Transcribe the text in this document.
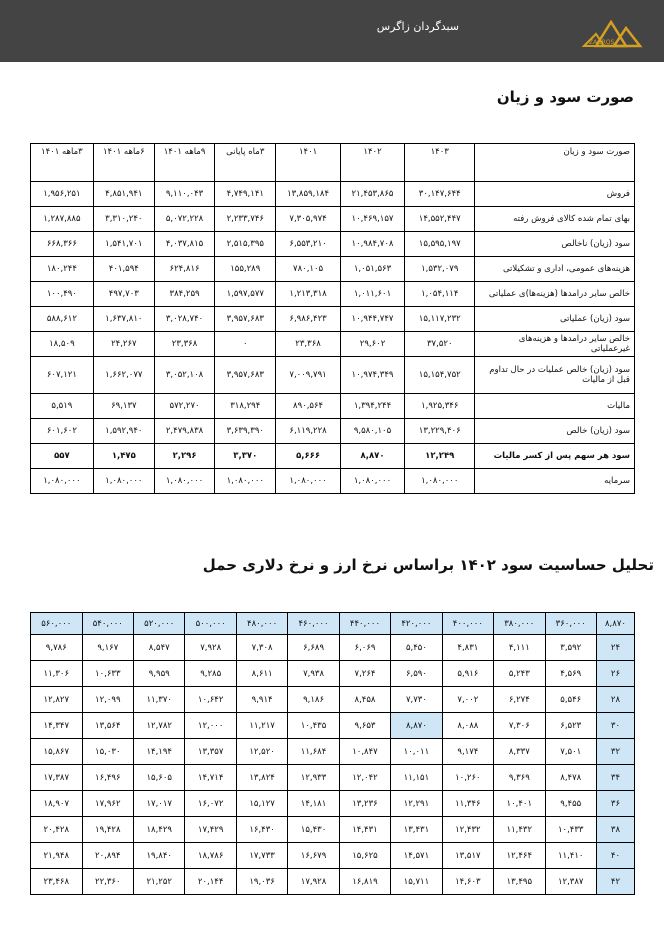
سبدگردان زاگرس
ZAGROS
صورت سود و زیان
صورت سود و زیان	۱۴۰۳	۱۴۰۲	۱۴۰۱	۳ماه پایانی	۹ماهه ۱۴۰۱	۶ماهه ۱۴۰۱	۳ماهه ۱۴۰۱
فروش	۳۰,۱۴۷,۶۴۴	۲۱,۴۵۳,۸۶۵	۱۳,۸۵۹,۱۸۴	۴,۷۴۹,۱۴۱	۹,۱۱۰,۰۴۳	۴,۸۵۱,۹۴۱	۱,۹۵۶,۲۵۱
بهای تمام شده کالای فروش رفته	۱۴,۵۵۲,۴۴۷	۱۰,۴۶۹,۱۵۷	۷,۳۰۵,۹۷۴	۲,۲۳۳,۷۴۶	۵,۰۷۲,۲۲۸	۳,۳۱۰,۲۴۰	۱,۲۸۷,۸۸۵
سود (زیان) ناخالص	۱۵,۵۹۵,۱۹۷	۱۰,۹۸۴,۷۰۸	۶,۵۵۳,۲۱۰	۲,۵۱۵,۳۹۵	۴,۰۳۷,۸۱۵	۱,۵۴۱,۷۰۱	۶۶۸,۳۶۶
هزینه‌های عمومی، اداری و تشکیلاتی	۱,۵۳۲,۰۷۹	۱,۰۵۱,۵۶۳	۷۸۰,۱۰۵	۱۵۵,۲۸۹	۶۲۴,۸۱۶	۴۰۱,۵۹۴	۱۸۰,۲۴۴
خالص سایر درامدها (هزینه‌ها)ی عملیاتی	۱,۰۵۴,۱۱۴	۱,۰۱۱,۶۰۱	۱,۲۱۳,۳۱۸	۱,۵۹۷,۵۷۷	۳۸۴,۲۵۹	۴۹۷,۷۰۳	۱۰۰,۴۹۰
سود (زیان) عملیاتی	۱۵,۱۱۷,۲۳۲	۱۰,۹۴۴,۷۴۷	۶,۹۸۶,۴۲۳	۳,۹۵۷,۶۸۳	۳,۰۲۸,۷۴۰	۱,۶۳۷,۸۱۰	۵۸۸,۶۱۲
خالص سایر درامدها و هزینه‌های غیرعملیاتی	۳۷,۵۲۰	۲۹,۶۰۲	۲۳,۳۶۸	۰	۲۳,۳۶۸	۲۴,۲۶۷	۱۸,۵۰۹
سود (زیان) خالص عملیات در حال تداوم قبل از مالیات	۱۵,۱۵۴,۷۵۲	۱۰,۹۷۴,۳۴۹	۷,۰۰۹,۷۹۱	۳,۹۵۷,۶۸۳	۳,۰۵۲,۱۰۸	۱,۶۶۲,۰۷۷	۶۰۷,۱۲۱
مالیات	۱,۹۲۵,۳۴۶	۱,۳۹۴,۲۴۴	۸۹۰,۵۶۴	۳۱۸,۲۹۴	۵۷۲,۲۷۰	۶۹,۱۳۷	۵,۵۱۹
سود (زیان) خالص	۱۳,۲۲۹,۴۰۶	۹,۵۸۰,۱۰۵	۶,۱۱۹,۲۲۸	۳,۶۳۹,۳۹۰	۲,۴۷۹,۸۳۸	۱,۵۹۲,۹۴۰	۶۰۱,۶۰۲
سود هر سهم پس از کسر مالیات	۱۲,۲۴۹	۸,۸۷۰	۵,۶۶۶	۳,۳۷۰	۲,۲۹۶	۱,۴۷۵	۵۵۷
سرمایه	۱,۰۸۰,۰۰۰	۱,۰۸۰,۰۰۰	۱,۰۸۰,۰۰۰	۱,۰۸۰,۰۰۰	۱,۰۸۰,۰۰۰	۱,۰۸۰,۰۰۰	۱,۰۸۰,۰۰۰
تحلیل حساسیت سود ۱۴۰۲ براساس نرخ ارز و نرخ دلاری حمل
۸,۸۷۰	۳۶۰,۰۰۰	۳۸۰,۰۰۰	۴۰۰,۰۰۰	۴۲۰,۰۰۰	۴۴۰,۰۰۰	۴۶۰,۰۰۰	۴۸۰,۰۰۰	۵۰۰,۰۰۰	۵۲۰,۰۰۰	۵۴۰,۰۰۰	۵۶۰,۰۰۰
۲۴	۳,۵۹۲	۴,۱۱۱	۴,۸۳۱	۵,۴۵۰	۶,۰۶۹	۶,۶۸۹	۷,۳۰۸	۷,۹۲۸	۸,۵۴۷	۹,۱۶۷	۹,۷۸۶
۲۶	۴,۵۶۹	۵,۲۴۳	۵,۹۱۶	۶,۵۹۰	۷,۲۶۴	۷,۹۳۸	۸,۶۱۱	۹,۲۸۵	۹,۹۵۹	۱۰,۶۳۳	۱۱,۳۰۶
۲۸	۵,۵۴۶	۶,۲۷۴	۷,۰۰۲	۷,۷۳۰	۸,۴۵۸	۹,۱۸۶	۹,۹۱۴	۱۰,۶۴۲	۱۱,۳۷۰	۱۲,۰۹۹	۱۲,۸۲۷
۳۰	۶,۵۲۳	۷,۳۰۶	۸,۰۸۸	۸,۸۷۰	۹,۶۵۳	۱۰,۴۳۵	۱۱,۲۱۷	۱۲,۰۰۰	۱۲,۷۸۲	۱۳,۵۶۴	۱۴,۳۴۷
۳۲	۷,۵۰۱	۸,۳۳۷	۹,۱۷۴	۱۰,۰۱۱	۱۰,۸۴۷	۱۱,۶۸۴	۱۲,۵۲۰	۱۳,۳۵۷	۱۴,۱۹۴	۱۵,۰۳۰	۱۵,۸۶۷
۳۴	۸,۴۷۸	۹,۳۶۹	۱۰,۲۶۰	۱۱,۱۵۱	۱۲,۰۴۲	۱۲,۹۳۳	۱۳,۸۲۴	۱۴,۷۱۴	۱۵,۶۰۵	۱۶,۴۹۶	۱۷,۳۸۷
۳۶	۹,۴۵۵	۱۰,۴۰۱	۱۱,۳۴۶	۱۲,۲۹۱	۱۳,۲۳۶	۱۴,۱۸۱	۱۵,۱۲۷	۱۶,۰۷۲	۱۷,۰۱۷	۱۷,۹۶۲	۱۸,۹۰۷
۳۸	۱۰,۴۳۳	۱۱,۴۳۲	۱۲,۴۳۲	۱۳,۴۳۱	۱۴,۴۳۱	۱۵,۴۳۰	۱۶,۴۳۰	۱۷,۴۲۹	۱۸,۴۲۹	۱۹,۴۲۸	۲۰,۴۲۸
۴۰	۱۱,۴۱۰	۱۲,۴۶۴	۱۳,۵۱۷	۱۴,۵۷۱	۱۵,۶۲۵	۱۶,۶۷۹	۱۷,۷۳۳	۱۸,۷۸۶	۱۹,۸۴۰	۲۰,۸۹۴	۲۱,۹۴۸
۴۲	۱۲,۳۸۷	۱۳,۴۹۵	۱۴,۶۰۳	۱۵,۷۱۱	۱۶,۸۱۹	۱۷,۹۲۸	۱۹,۰۳۶	۲۰,۱۴۴	۲۱,۲۵۲	۲۲,۳۶۰	۲۳,۴۶۸
